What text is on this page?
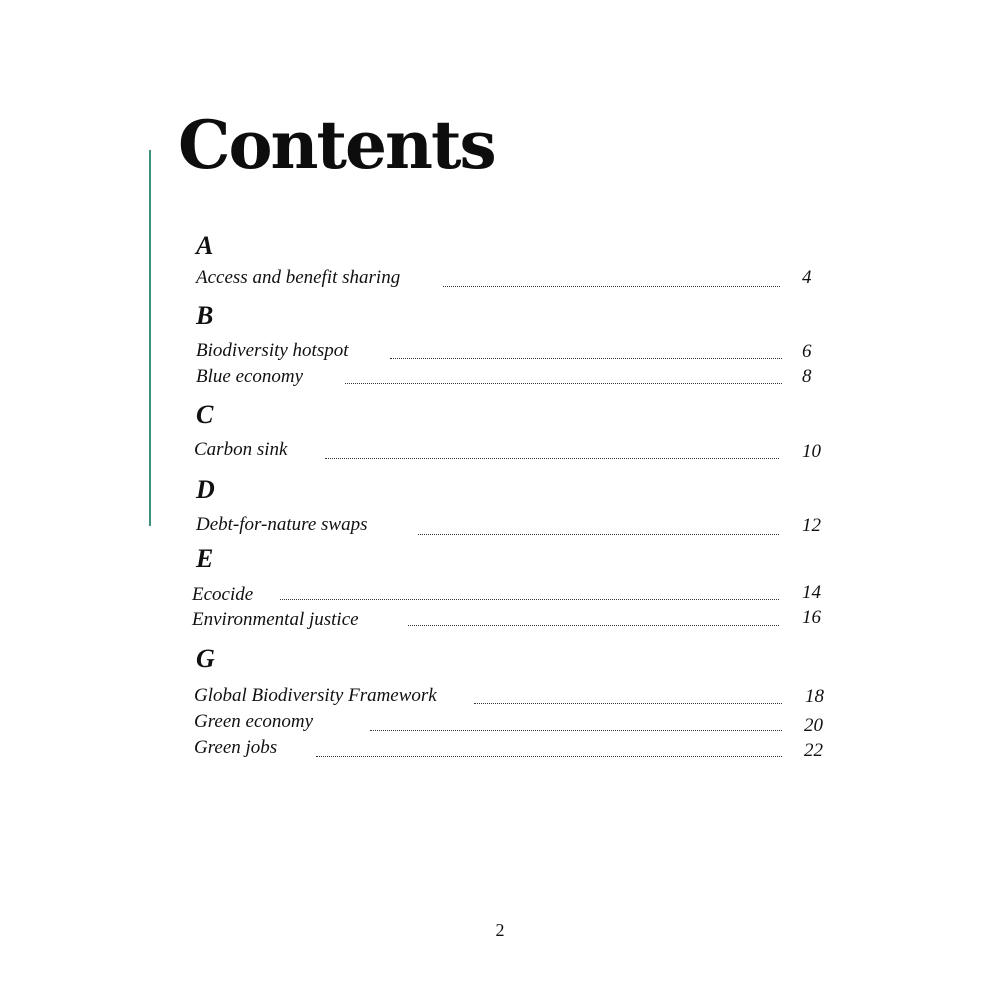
Contents
A
Access and benefit sharing	4
B
Biodiversity hotspot	6
Blue economy	8
C
Carbon sink	10
D
Debt-for-nature swaps	12
E
Ecocide	14
Environmental justice	16
G
Global Biodiversity Framework	18
Green economy	20
Green jobs	22
2
